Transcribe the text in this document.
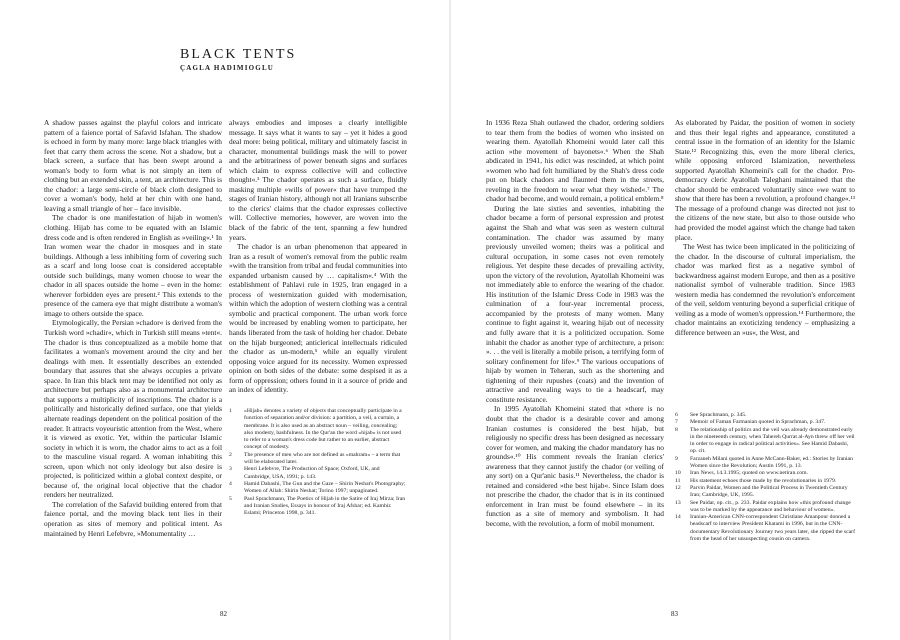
BLACK TENTS
ÇAGLA HADIMIOGLU

A shadow passes against the playful colors and intricate pattern of a faience portal of Safavid Isfahan. The shadow is echoed in form by many more: large black triangles with feet that carry them across the scene. Not a shadow, but a black screen, a surface that has been swept around a woman's body to form what is not simply an item of clothing but an extended skin, a tent, an architecture. This is the chador: a large semi-circle of black cloth designed to cover a woman's body, held at her chin with one hand, leaving a small triangle of her – face invisible.

The chador is one manifestation of hijab in women's clothing. Hijab has come to be equated with an Islamic dress code and is often rendered in English as »veiling«.¹ In Iran women wear the chador in mosques and in state buildings. Although a less inhibiting form of covering such as a scarf and long loose coat is considered acceptable outside such buildings, many women choose to wear the chador in all spaces outside the home – even in the home: wherever forbidden eyes are present.² This extends to the presence of the camera eye that might distribute a woman's image to others outside the space.

Etymologically, the Persian »chador« is derived from the Turkish word »chadir«, which in Turkish still means »tent«. The chador is thus conceptualized as a mobile home that facilitates a woman's movement around the city and her dealings with men. It essentially describes an extended boundary that assures that she always occupies a private space. In Iran this black tent may be identified not only as architecture but perhaps also as a monumental architecture that supports a multiplicity of inscriptions. The chador is a politically and historically defined surface, one that yields alternate readings dependent on the political position of the reader. It attracts voyeuristic attention from the West, where it is viewed as exotic. Yet, within the particular Islamic society in which it is worn, the chador aims to act as a foil to the masculine visual regard. A woman inhabiting this screen, upon which not only ideology but also desire is projected, is politicized within a global context despite, or because of, the original local objective that the chador renders her neutralized.

The correlation of the Safavid building entered from that faience portal, and the moving black tent lies in their operation as sites of memory and political intent. As maintained by Henri Lefebvre, »Monumentality …

always embodies and imposes a clearly intelligible message. It says what it wants to say – yet it hides a good deal more: being political, military and ultimately fascist in character, monumental buildings mask the will to power and the arbitrariness of power beneath signs and surfaces which claim to express collective will and collective thought«.³ The chador operates as such a surface, fluidly masking multiple »wills of power« that have trumped the stages of Iranian history, although not all Iranians subscribe to the clerics' claims that the chador expresses collective will. Collective memories, however, are woven into the black of the fabric of the tent, spanning a few hundred years.

The chador is an urban phenomenon that appeared in Iran as a result of women's removal from the public realm »with the transition from tribal and feudal communities into expanded urbanism caused by … capitalism«.⁴ With the establishment of Pahlavi rule in 1925, Iran engaged in a process of westernization guided with modernisation, within which the adoption of western clothing was a central symbolic and practical component. The urban work force would be increased by enabling women to participate, her hands liberated from the task of holding her chador. Debate on the hijab burgeoned; anticlerical intellectuals ridiculed the chador as un-modern,⁵ while an equally virulent opposing voice argued for its necessity. Women expressed opinion on both sides of the debate: some despised it as a form of oppression; others found in it a source of pride and an index of identity.

1 »Hijab« denotes a variety of objects that conceptually participate in a function of separation and/or division: a partition, a veil, a curtain, a membrane. It is also used as an abstract noun – veiling, concealing; also modesty, bashfulness. In the Qur'an the word »hijab« is not used to refer to a woman's dress code but rather to an earlier, abstract concept of modesty.
2 The presence of men who are not defined as »mahram« – a term that will be elaborated later.
3 Henri Lefebvre, The Production of Space; Oxford, UK, and Cambridge, USA, 1991; p. 143.
4 Hamid Dabashi, The Gun and the Gaze – Shirin Neshat's Photography; Women of Allah: Shirin Neshat; Torino 1997; unpaginated.
5 Paul Sprachmann, The Poetics of Hijab in the Satire of Iraj Mirza; Iran and Iranian Studies, Essays in honour of Iraj Afshar; ed. Kambiz Eslami; Princeton 1998, p. 341.
82

In 1936 Reza Shah outlawed the chador, ordering soldiers to tear them from the bodies of women who insisted on wearing them. Ayatollah Khomeini would later call this action »the movement of bayonets«.⁶ When the Shah abdicated in 1941, his edict was rescinded, at which point »women who had felt humiliated by the Shah's dress code put on black chadors and flaunted them in the streets, reveling in the freedom to wear what they wished«.⁷ The chador had become, and would remain, a political emblem.⁸

During the late sixties and seventies, inhabiting the chador became a form of personal expression and protest against the Shah and what was seen as western cultural contamination. The chador was assumed by many previously unveiled women; theirs was a political and cultural occupation, in some cases not even remotely religious. Yet despite these decades of prevailing activity, upon the victory of the revolution, Ayatollah Khomeini was not immediately able to enforce the wearing of the chador. His institution of the Islamic Dress Code in 1983 was the culmination of a four-year incremental process, accompanied by the protests of many women. Many continue to fight against it, wearing hijab out of necessity and fully aware that it is a politicized occupation. Some inhabit the chador as another type of architecture, a prison: ». . . the veil is literally a mobile prison, a terrifying form of solitary confinement for life«.⁹ The various occupations of hijab by women in Teheran, such as the shortening and tightening of their rupushes (coats) and the invention of attractive and revealing ways to tie a headscarf, may constitute resistance.

In 1995 Ayatollah Khomeini stated that »there is no doubt that the chador is a desirable cover and among Iranian costumes is considered the best hijab, but religiously no specific dress has been designed as necessary cover for women, and making the chador mandatory has no grounds«.¹⁰ His comment reveals the Iranian clerics' awareness that they cannot justify the chador (or veiling of any sort) on a Qur'anic basis.¹¹ Nevertheless, the chador is retained and considered »the best hijab«. Since Islam does not prescribe the chador, the chador that is in its continued enforcement in Iran must be found elsewhere – in its function as a site of memory and symbolism. It had become, with the revolution, a form of mobil monument.

As elaborated by Paidar, the position of women in society and thus their legal rights and appearance, constituted a central issue in the formation of an identity for the Islamic State.¹² Recognizing this, even the more liberal clerics, while opposing enforced Islamization, nevertheless supported Ayatollah Khomeini's call for the chador. Pro-democracy cleric Ayatollah Taleghani maintained that the chador should be embraced voluntarily since »we want to show that there has been a revolution, a profound change«.¹³ The message of a profound change was directed not just to the citizens of the new state, but also to those outside who had provided the model against which the change had taken place.

The West has twice been implicated in the politicizing of the chador. In the discourse of cultural imperialism, the chador was marked first as a negative symbol of backwardness against modern Europe, and then as a positive nationalist symbol of vulnerable tradition. Since 1983 western media has condemned the revolution's enforcement of the veil, seldom venturing beyond a superficial critique of veiling as a mode of women's oppression.¹⁴ Furthermore, the chador maintains an exoticizing tendency – emphasizing a difference between an »us«, the West, and

6 See Sprachmann, p. 345.
7 Memoir of Faman Farmanian quoted in Sprachman, p. 347.
8 The relationship of politics and the veil was already demonstrated early in the nineteenth century, when Tahereh Qurrat al-Ayn threw off her veil in order to engage in radical political activities«. See Hamid Dabashi, op. cit.
9 Farzaneh Milani quoted in Anne McCann-Baker, ed.: Stories by Iranian Women since the Revolution; Austin 1991, p. 13.
10 Iran News, 14.3.1995; quoted on www.netiran.com.
11 His statement echoes those made by the revolutionaries in 1979.
12 Parvin Paidar, Women and the Political Process in Twentieth Century Iran; Cambridge, UK, 1995.
13 See Paidar, op. cit., p. 233. Paidar explains how »this profound change was to be marked by the appearance and behaviour of women«.
14 Iranian-American CNN-correspondent Christiane Amanpour donned a headscarf to interview President Khatami in 1996, but in the CNN-documentary Revolutionary Journey two years later, she ripped the scarf from the head of her unsuspecting cousin on camera.
83
